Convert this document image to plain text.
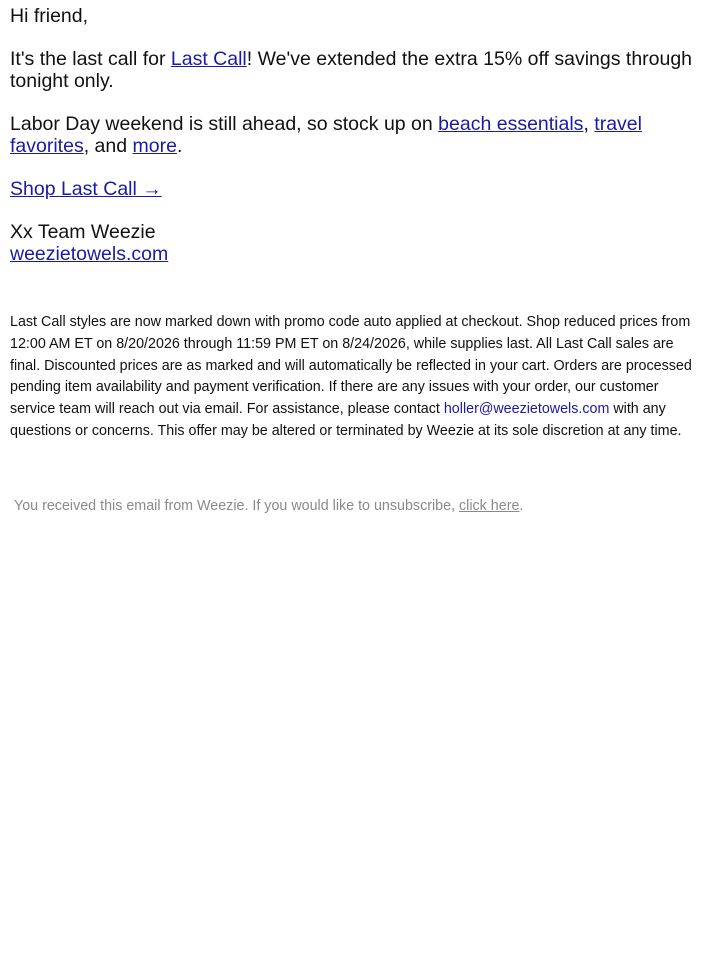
Hi friend,

It's the last call for Last Call! We've extended the extra 15% off savings through tonight only.

Labor Day weekend is still ahead, so stock up on beach essentials, travel favorites, and more.

Shop Last Call →

Xx Team Weezie

weezietowels.com

Last Call styles are now marked down with promo code auto applied at checkout. Shop reduced prices from 12:00 AM ET on 8/20/2026 through 11:59 PM ET on 8/24/2026, while supplies last. All Last Call sales are final. Discounted prices are as marked and will automatically be reflected in your cart. Orders are processed pending item availability and payment verification. If there are any issues with your order, our customer service team will reach out via email. For assistance, please contact holler@weezietowels.com with any questions or concerns. This offer may be altered or terminated by Weezie at its sole discretion at any time.

You received this email from Weezie. If you would like to unsubscribe, click here.
